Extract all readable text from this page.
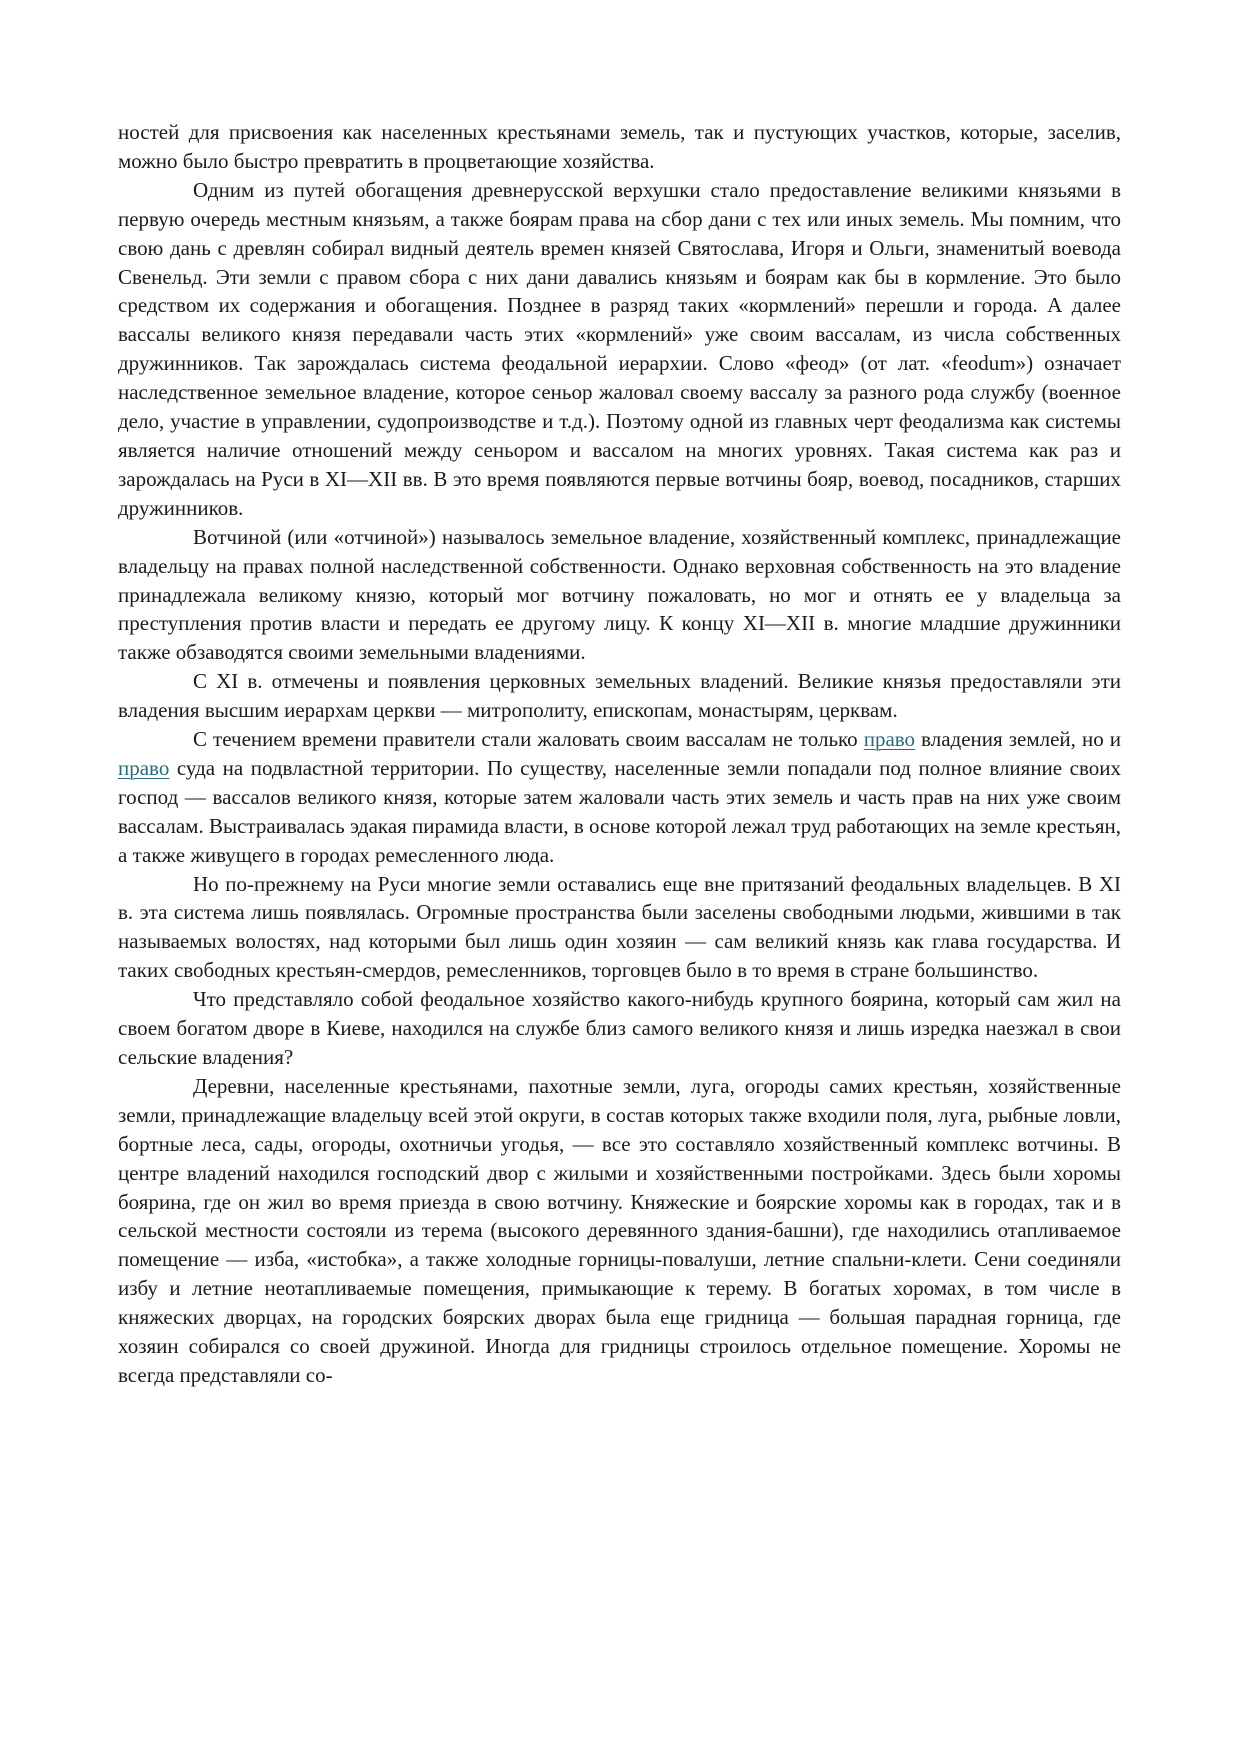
ностей для присвоения как населенных крестьянами земель, так и пустующих участков, которые, заселив, можно было быстро превратить в процветающие хозяйства.

Одним из путей обогащения древнерусской верхушки стало предоставление великими князьями в первую очередь местным князьям, а также боярам права на сбор дани с тех или иных земель. Мы помним, что свою дань с древлян собирал видный деятель времен князей Святослава, Игоря и Ольги, знаменитый воевода Свенельд. Эти земли с правом сбора с них дани давались князьям и боярам как бы в кормление. Это было средством их содержания и обогащения. Позднее в разряд таких «кормлений» перешли и города. А далее вассалы великого князя передавали часть этих «кормлений» уже своим вассалам, из числа собственных дружинников. Так зарождалась система феодальной иерархии. Слово «феод» (от лат. «feodum») означает наследственное земельное владение, которое сеньор жаловал своему вассалу за разного рода службу (военное дело, участие в управлении, судопроизводстве и т.д.). Поэтому одной из главных черт феодализма как системы является наличие отношений между сеньором и вассалом на многих уровнях. Такая система как раз и зарождалась на Руси в XI—XII вв. В это время появляются первые вотчины бояр, воевод, посадников, старших дружинников.

Вотчиной (или «отчиной») называлось земельное владение, хозяйственный комплекс, принадлежащие владельцу на правах полной наследственной собственности. Однако верховная собственность на это владение принадлежала великому князю, который мог вотчину пожаловать, но мог и отнять ее у владельца за преступления против власти и передать ее другому лицу. К концу XI—XII в. многие младшие дружинники также обзаводятся своими земельными владениями.

С XI в. отмечены и появления церковных земельных владений. Великие князья предоставляли эти владения высшим иерархам церкви — митрополиту, епископам, монастырям, церквам.

С течением времени правители стали жаловать своим вассалам не только право владения землей, но и право суда на подвластной территории. По существу, населенные земли попадали под полное влияние своих господ — вассалов великого князя, которые затем жаловали часть этих земель и часть прав на них уже своим вассалам. Выстраивалась эдакая пирамида власти, в основе которой лежал труд работающих на земле крестьян, а также живущего в городах ремесленного люда.

Но по-прежнему на Руси многие земли оставались еще вне притязаний феодальных владельцев. В XI в. эта система лишь появлялась. Огромные пространства были заселены свободными людьми, жившими в так называемых волостях, над которыми был лишь один хозяин — сам великий князь как глава государства. И таких свободных крестьян-смердов, ремесленников, торговцев было в то время в стране большинство.

Что представляло собой феодальное хозяйство какого-нибудь крупного боярина, который сам жил на своем богатом дворе в Киеве, находился на службе близ самого великого князя и лишь изредка наезжал в свои сельские владения?

Деревни, населенные крестьянами, пахотные земли, луга, огороды самих крестьян, хозяйственные земли, принадлежащие владельцу всей этой округи, в состав которых также входили поля, луга, рыбные ловли, бортные леса, сады, огороды, охотничьи угодья, — все это составляло хозяйственный комплекс вотчины. В центре владений находился господский двор с жилыми и хозяйственными постройками. Здесь были хоромы боярина, где он жил во время приезда в свою вотчину. Княжеские и боярские хоромы как в городах, так и в сельской местности состояли из терема (высокого деревянного здания-башни), где находились отапливаемое помещение — изба, «истобка», а также холодные горницы-повалуши, летние спальни-клети. Сени соединяли избу и летние неотапливаемые помещения, примыкающие к терему. В богатых хоромах, в том числе в княжеских дворцах, на городских боярских дворах была еще гридница — большая парадная горница, где хозяин собирался со своей дружиной. Иногда для гридницы строилось отдельное помещение. Хоромы не всегда представляли со-
